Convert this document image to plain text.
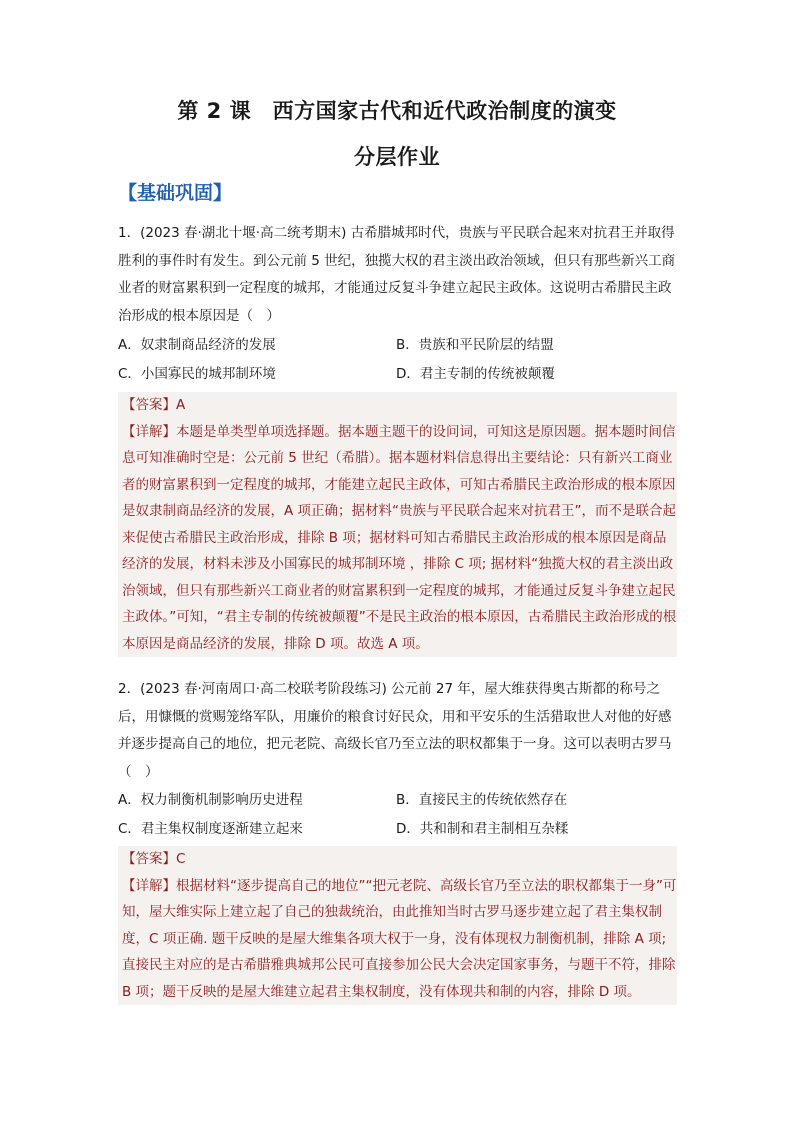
第 2 课　西方国家古代和近代政治制度的演变
分层作业
【基础巩固】
1．(2023 春·湖北十堰·高二统考期末) 古希腊城邦时代，贵族与平民联合起来对抗君王并取得胜利的事件时有发生。到公元前 5 世纪，独揽大权的君主淡出政治领域，但只有那些新兴工商业者的财富累积到一定程度的城邦，才能通过反复斗争建立起民主政体。这说明古希腊民主政治形成的根本原因是（　）
A．奴隶制商品经济的发展	B．贵族和平民阶层的结盟
C．小国寡民的城邦制环境	D．君主专制的传统被颠覆
【答案】A
【详解】本题是单类型单项选择题。据本题主题干的设问词，可知这是原因题。据本题时间信息可知准确时空是：公元前 5 世纪（希腊）。据本题材料信息得出主要结论：只有新兴工商业者的财富累积到一定程度的城邦，才能建立起民主政体，可知古希腊民主政治形成的根本原因是奴隶制商品经济的发展，A 项正确；据材料“贵族与平民联合起来对抗君王”，而不是联合起来促使古希腊民主政治形成，排除 B 项；据材料可知古希腊民主政治形成的根本原因是商品经济的发展，材料未涉及小国寡民的城邦制环境 ，排除 C 项; 据材料“独揽大权的君主淡出政治领域，但只有那些新兴工商业者的财富累积到一定程度的城邦，才能通过反复斗争建立起民主政体。”可知，“君主专制的传统被颠覆”不是民主政治的根本原因，古希腊民主政治形成的根本原因是商品经济的发展，排除 D 项。故选 A 项。
2．(2023 春·河南周口·高二校联考阶段练习) 公元前 27 年，屋大维获得奥古斯都的称号之后，用慷慨的赏赐笼络军队，用廉价的粮食讨好民众，用和平安乐的生活猎取世人对他的好感 并逐步提高自己的地位，把元老院、高级长官乃至立法的职权都集于一身。这可以表明古罗马（　）
A．权力制衡机制影响历史进程	B．直接民主的传统依然存在
C．君主集权制度逐渐建立起来	D．共和制和君主制相互杂糅
【答案】C
【详解】根据材料“逐步提高自己的地位”“把元老院、高级长官乃至立法的职权都集于一身”可知，屋大维实际上建立起了自己的独裁统治，由此推知当时古罗马逐步建立起了君主集权制度，C 项正确. 题干反映的是屋大维集各项大权于一身，没有体现权力制衡机制，排除 A 项; 直接民主对应的是古希腊雅典城邦公民可直接参加公民大会决定国家事务，与题干不符，排除 B 项；题干反映的是屋大维建立起君主集权制度，没有体现共和制的内容，排除 D 项。
